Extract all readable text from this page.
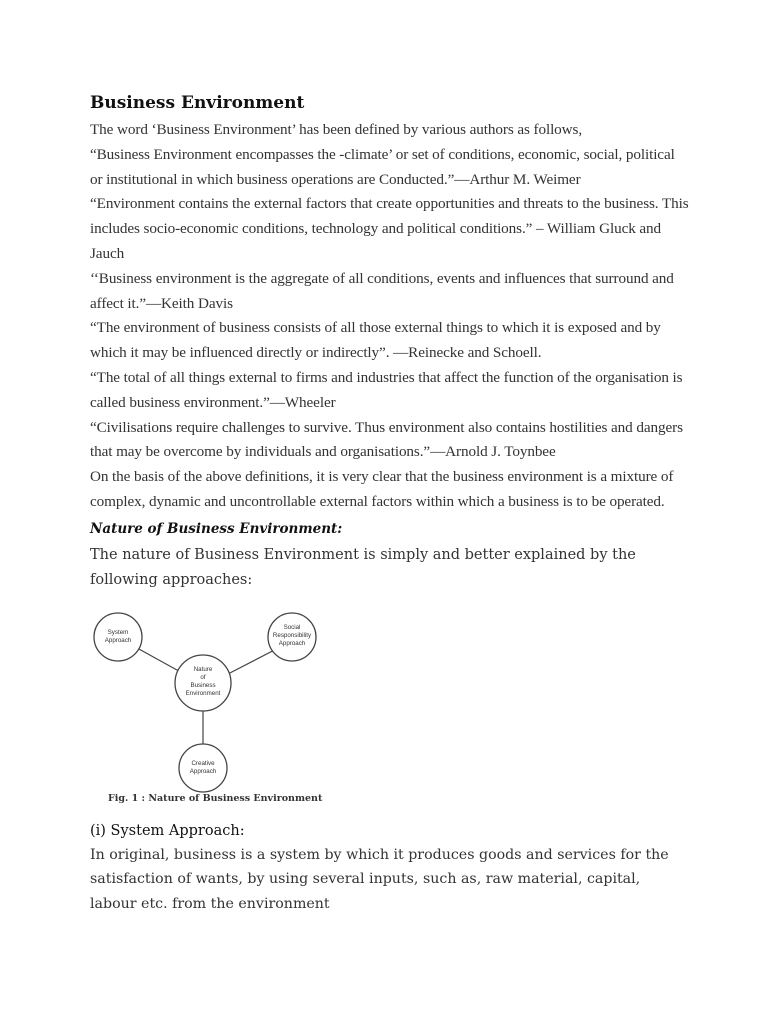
Business Environment

The word ‘Business Environment’ has been defined by various authors as follows,

“Business Environment encompasses the -climate’ or set of conditions, economic, social, political or institutional in which business operations are Conducted.”—Arthur M. Weimer

“Environment contains the external factors that create opportunities and threats to the business. This includes socio-economic conditions, technology and political conditions.” – William Gluck and Jauch

‘‘Business environment is the aggregate of all conditions, events and influences that surround and affect it.”—Keith Davis

“The environment of business consists of all those external things to which it is exposed and by which it may be influenced directly or indirectly”. —Reinecke and Schoell.

“The total of all things external to firms and industries that affect the function of the organisation is called business environment.”—Wheeler

“Civilisations require challenges to survive. Thus environment also contains hostilities and dangers that may be overcome by individuals and organisations.”—Arnold J. Toynbee

On the basis of the above definitions, it is very clear that the business environment is a mixture of complex, dynamic and uncontrollable external factors within which a business is to be operated.

Nature of Business Environment:

The nature of Business Environment is simply and better explained by the following approaches:

System
Approach
Social
Responsibility
Approach
Nature
of
Business
Environment
Creative
Approach
Fig. 1 : Nature of Business Environment
(i) System Approach:

In original, business is a system by which it produces goods and services for the satisfaction of wants, by using several inputs, such as, raw material, capital, labour etc. from the environment
